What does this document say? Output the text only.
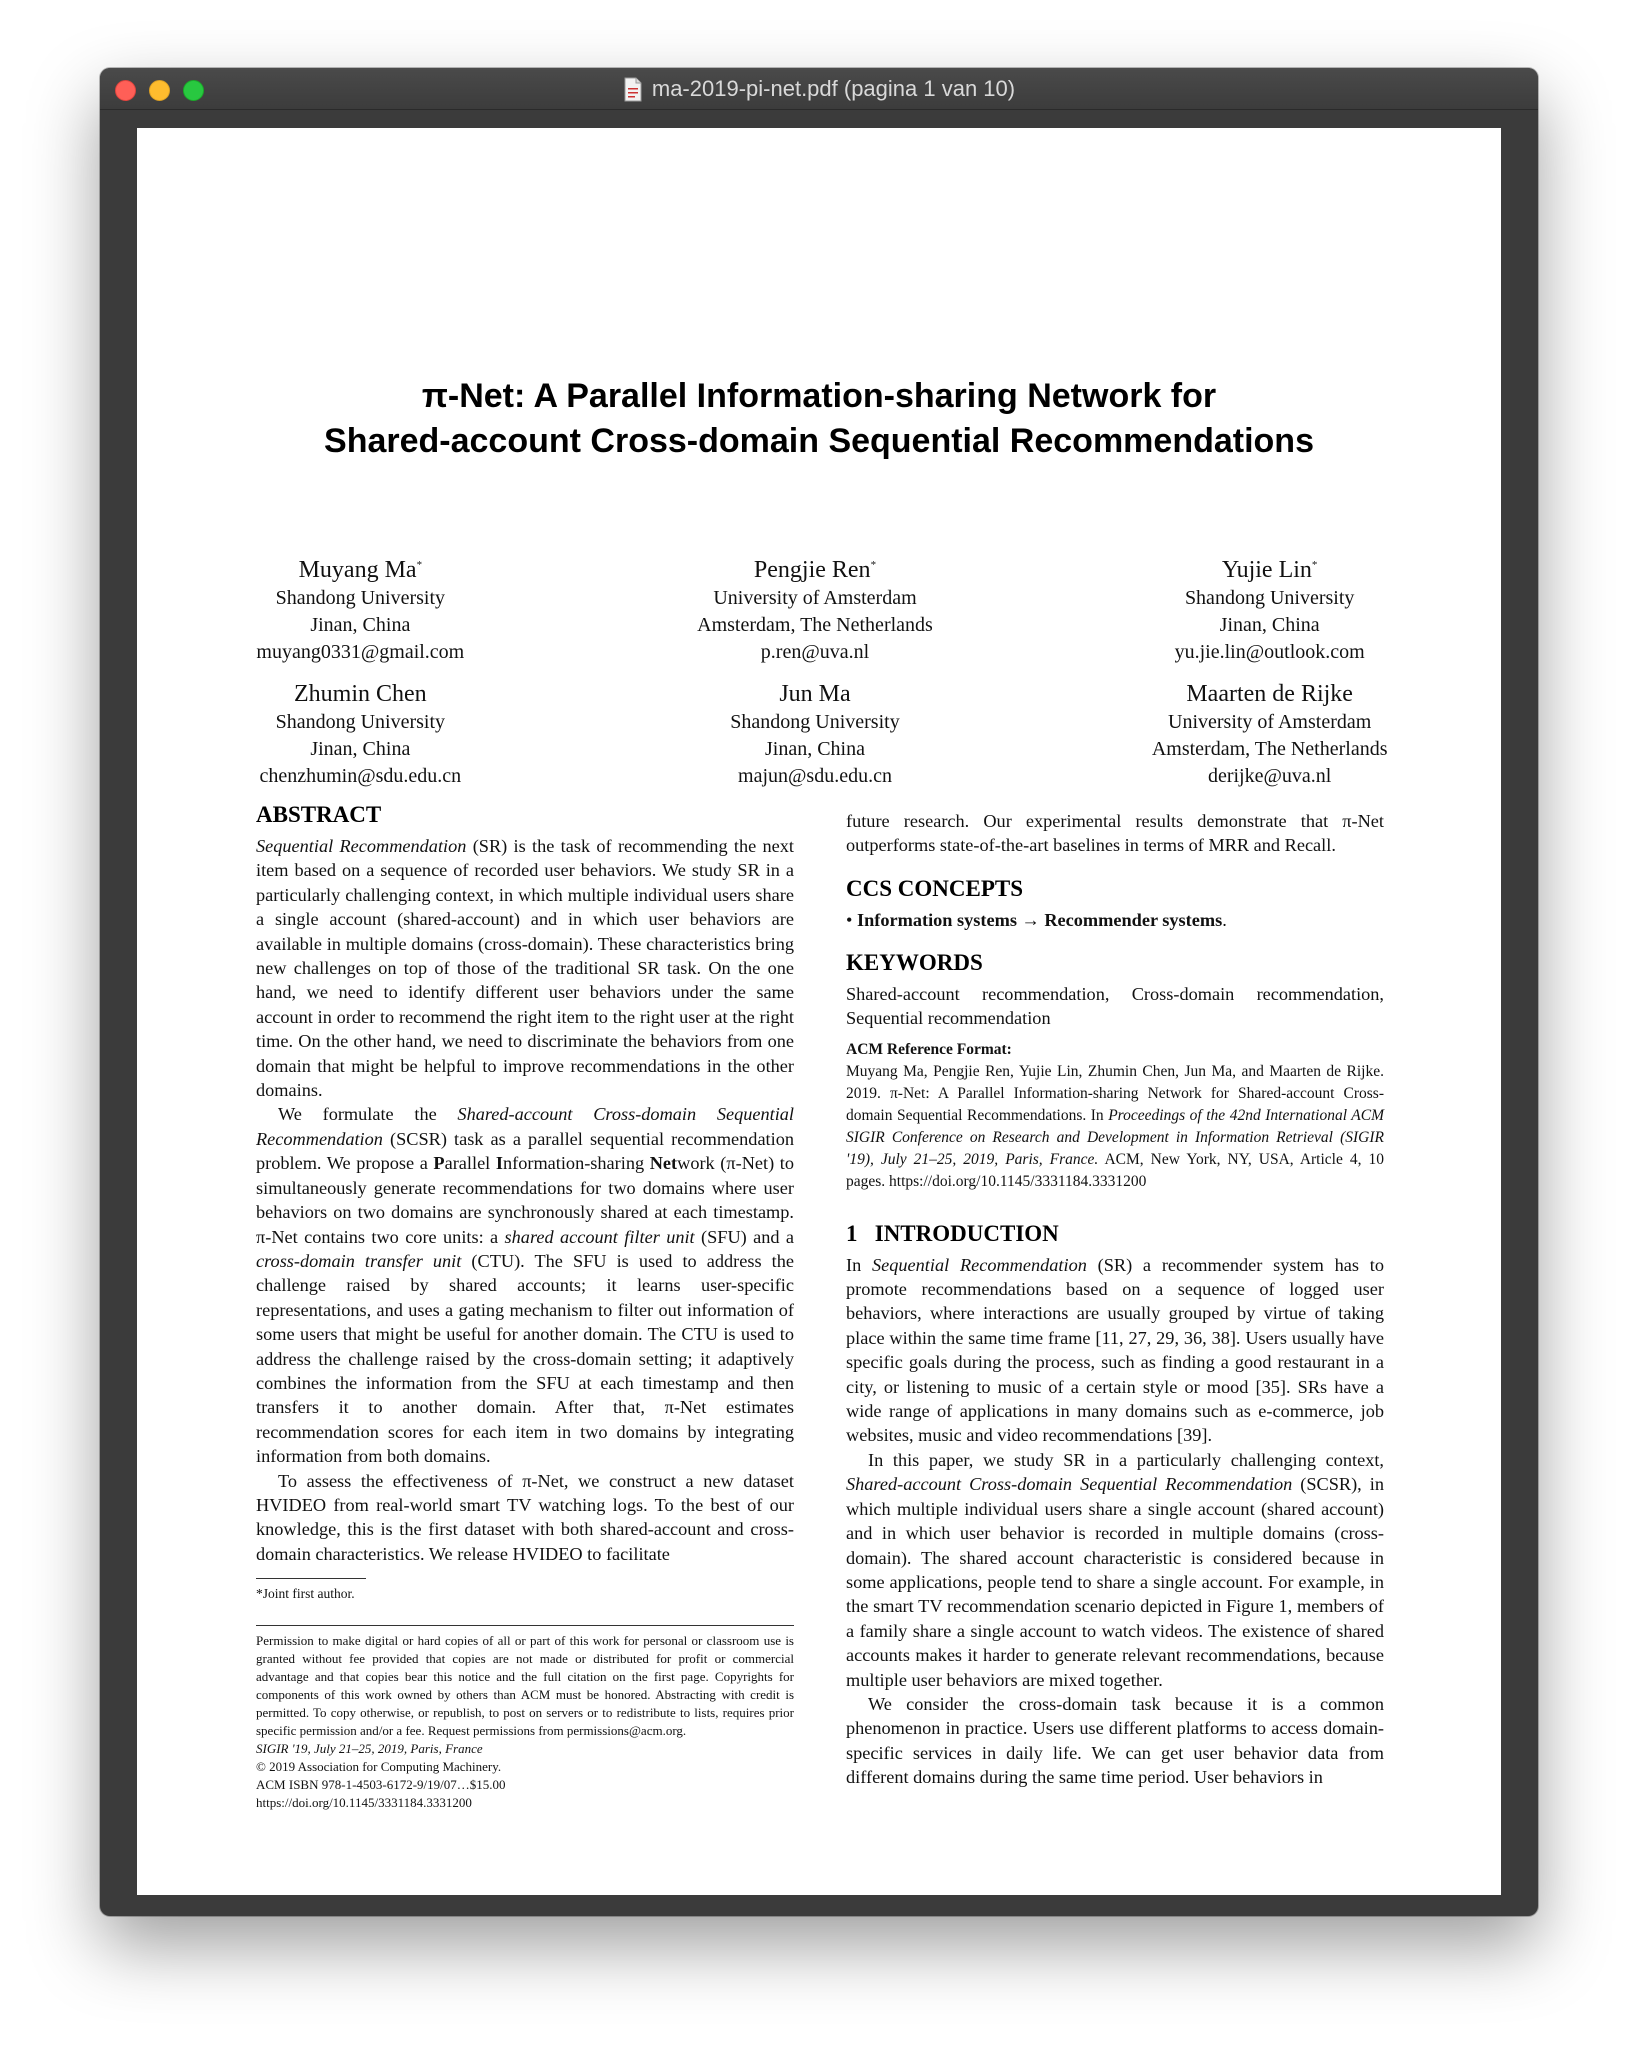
ma-2019-pi-net.pdf (pagina 1 van 10)
π-Net: A Parallel Information-sharing Network for
Shared-account Cross-domain Sequential Recommendations
Muyang Ma*
Shandong University
Jinan, China
muyang0331@gmail.com
Pengjie Ren*
University of Amsterdam
Amsterdam, The Netherlands
p.ren@uva.nl
Yujie Lin*
Shandong University
Jinan, China
yu.jie.lin@outlook.com
Zhumin Chen
Shandong University
Jinan, China
chenzhumin@sdu.edu.cn
Jun Ma
Shandong University
Jinan, China
majun@sdu.edu.cn
Maarten de Rijke
University of Amsterdam
Amsterdam, The Netherlands
derijke@uva.nl
ABSTRACT

Sequential Recommendation (SR) is the task of recommending the next item based on a sequence of recorded user behaviors. We study SR in a particularly challenging context, in which multiple individual users share a single account (shared-account) and in which user behaviors are available in multiple domains (cross-domain). These characteristics bring new challenges on top of those of the traditional SR task. On the one hand, we need to identify different user behaviors under the same account in order to recommend the right item to the right user at the right time. On the other hand, we need to discriminate the behaviors from one domain that might be helpful to improve recommendations in the other domains.

We formulate the Shared-account Cross-domain Sequential Recommendation (SCSR) task as a parallel sequential recommendation problem. We propose a Parallel Information-sharing Network (π-Net) to simultaneously generate recommendations for two domains where user behaviors on two domains are synchronously shared at each timestamp. π-Net contains two core units: a shared account filter unit (SFU) and a cross-domain transfer unit (CTU). The SFU is used to address the challenge raised by shared accounts; it learns user-specific representations, and uses a gating mechanism to filter out information of some users that might be useful for another domain. The CTU is used to address the challenge raised by the cross-domain setting; it adaptively combines the information from the SFU at each timestamp and then transfers it to another domain. After that, π-Net estimates recommendation scores for each item in two domains by integrating information from both domains.

To assess the effectiveness of π-Net, we construct a new dataset HVIDEO from real-world smart TV watching logs. To the best of our knowledge, this is the first dataset with both shared-account and cross-domain characteristics. We release HVIDEO to facilitate

*Joint first author.

Permission to make digital or hard copies of all or part of this work for personal or classroom use is granted without fee provided that copies are not made or distributed for profit or commercial advantage and that copies bear this notice and the full citation on the first page. Copyrights for components of this work owned by others than ACM must be honored. Abstracting with credit is permitted. To copy otherwise, or republish, to post on servers or to redistribute to lists, requires prior specific permission and/or a fee. Request permissions from permissions@acm.org.

SIGIR '19, July 21–25, 2019, Paris, France
© 2019 Association for Computing Machinery.
ACM ISBN 978-1-4503-6172-9/19/07…$15.00
https://doi.org/10.1145/3331184.3331200

future research. Our experimental results demonstrate that π-Net outperforms state-of-the-art baselines in terms of MRR and Recall.

CCS CONCEPTS
• Information systems → Recommender systems.
KEYWORDS

Shared-account recommendation, Cross-domain recommendation, Sequential recommendation

ACM Reference Format:

Muyang Ma, Pengjie Ren, Yujie Lin, Zhumin Chen, Jun Ma, and Maarten de Rijke. 2019. π-Net: A Parallel Information-sharing Network for Shared-account Cross-domain Sequential Recommendations. In Proceedings of the 42nd International ACM SIGIR Conference on Research and Development in Information Retrieval (SIGIR '19), July 21–25, 2019, Paris, France. ACM, New York, NY, USA, Article 4, 10 pages. https://doi.org/10.1145/3331184.3331200

1   INTRODUCTION

In Sequential Recommendation (SR) a recommender system has to promote recommendations based on a sequence of logged user behaviors, where interactions are usually grouped by virtue of taking place within the same time frame [11, 27, 29, 36, 38]. Users usually have specific goals during the process, such as finding a good restaurant in a city, or listening to music of a certain style or mood [35]. SRs have a wide range of applications in many domains such as e-commerce, job websites, music and video recommendations [39].

In this paper, we study SR in a particularly challenging context, Shared-account Cross-domain Sequential Recommendation (SCSR), in which multiple individual users share a single account (shared account) and in which user behavior is recorded in multiple domains (cross-domain). The shared account characteristic is considered because in some applications, people tend to share a single account. For example, in the smart TV recommendation scenario depicted in Figure 1, members of a family share a single account to watch videos. The existence of shared accounts makes it harder to generate relevant recommendations, because multiple user behaviors are mixed together.

We consider the cross-domain task because it is a common phenomenon in practice. Users use different platforms to access domain-specific services in daily life. We can get user behavior data from different domains during the same time period. User behaviors in
